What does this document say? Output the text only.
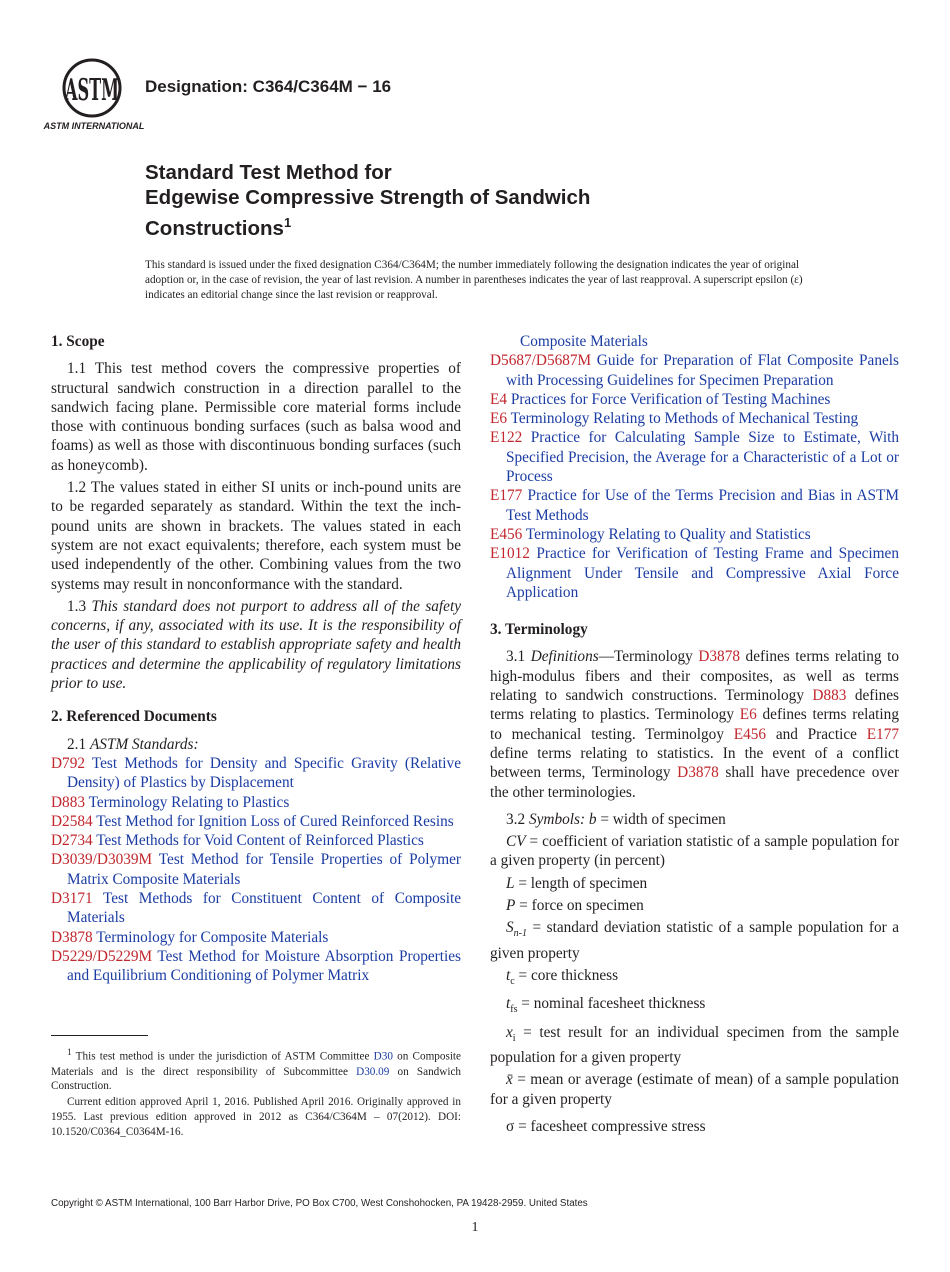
ASTM
ASTM INTERNATIONAL
Designation: C364/C364M − 16
Standard Test Method for
Edgewise Compressive Strength of Sandwich
Constructions$^1$
This standard is issued under the fixed designation C364/C364M; the number immediately following the designation indicates the year of original adoption or, in the case of revision, the year of last revision. A number in parentheses indicates the year of last reapproval. A superscript epsilon (ε) indicates an editorial change since the last revision or reapproval.

1. Scope

1.1 This test method covers the compressive properties of structural sandwich construction in a direction parallel to the sandwich facing plane. Permissible core material forms include those with continuous bonding surfaces (such as balsa wood and foams) as well as those with discontinuous bonding surfaces (such as honeycomb).

1.2 The values stated in either SI units or inch-pound units are to be regarded separately as standard. Within the text the inch-pound units are shown in brackets. The values stated in each system are not exact equivalents; therefore, each system must be used independently of the other. Combining values from the two systems may result in nonconformance with the standard.

1.3 This standard does not purport to address all of the safety concerns, if any, associated with its use. It is the responsibility of the user of this standard to establish appropriate safety and health practices and determine the applicability of regulatory limitations prior to use.

2. Referenced Documents

2.1 ASTM Standards:

D792 Test Methods for Density and Specific Gravity (Relative Density) of Plastics by Displacement

D883 Terminology Relating to Plastics

D2584 Test Method for Ignition Loss of Cured Reinforced Resins

D2734 Test Methods for Void Content of Reinforced Plastics

D3039/D3039M Test Method for Tensile Properties of Polymer Matrix Composite Materials

D3171 Test Methods for Constituent Content of Composite Materials

D3878 Terminology for Composite Materials

D5229/D5229M Test Method for Moisture Absorption Properties and Equilibrium Conditioning of Polymer Matrix

Composite Materials

D5687/D5687M Guide for Preparation of Flat Composite Panels with Processing Guidelines for Specimen Preparation

E4 Practices for Force Verification of Testing Machines

E6 Terminology Relating to Methods of Mechanical Testing

E122 Practice for Calculating Sample Size to Estimate, With Specified Precision, the Average for a Characteristic of a Lot or Process

E177 Practice for Use of the Terms Precision and Bias in ASTM Test Methods

E456 Terminology Relating to Quality and Statistics

E1012 Practice for Verification of Testing Frame and Specimen Alignment Under Tensile and Compressive Axial Force Application

3. Terminology

3.1 Definitions—Terminology D3878 defines terms relating to high-modulus fibers and their composites, as well as terms relating to sandwich constructions. Terminology D883 defines terms relating to plastics. Terminology E6 defines terms relating to mechanical testing. Terminolgoy E456 and Practice E177 define terms relating to statistics. In the event of a conflict between terms, Terminology D3878 shall have precedence over the other terminologies.

3.2 Symbols: b = width of specimen

CV = coefficient of variation statistic of a sample population for a given property (in percent)

L = length of specimen

P = force on specimen

$S_{n-1}$ = standard deviation statistic of a sample population for a given property

$t_c$ = core thickness

$t_{fs}$ = nominal facesheet thickness

$x_i$ = test result for an individual specimen from the sample population for a given property

x̄ = mean or average (estimate of mean) of a sample population for a given property

σ = facesheet compressive stress

$^1$ This test method is under the jurisdiction of ASTM Committee D30 on Composite Materials and is the direct responsibility of Subcommittee D30.09 on Sandwich Construction.

Current edition approved April 1, 2016. Published April 2016. Originally approved in 1955. Last previous edition approved in 2012 as C364/C364M – 07(2012). DOI: 10.1520/C0364_C0364M-16.

Copyright © ASTM International, 100 Barr Harbor Drive, PO Box C700, West Conshohocken, PA 19428-2959. United States
1
